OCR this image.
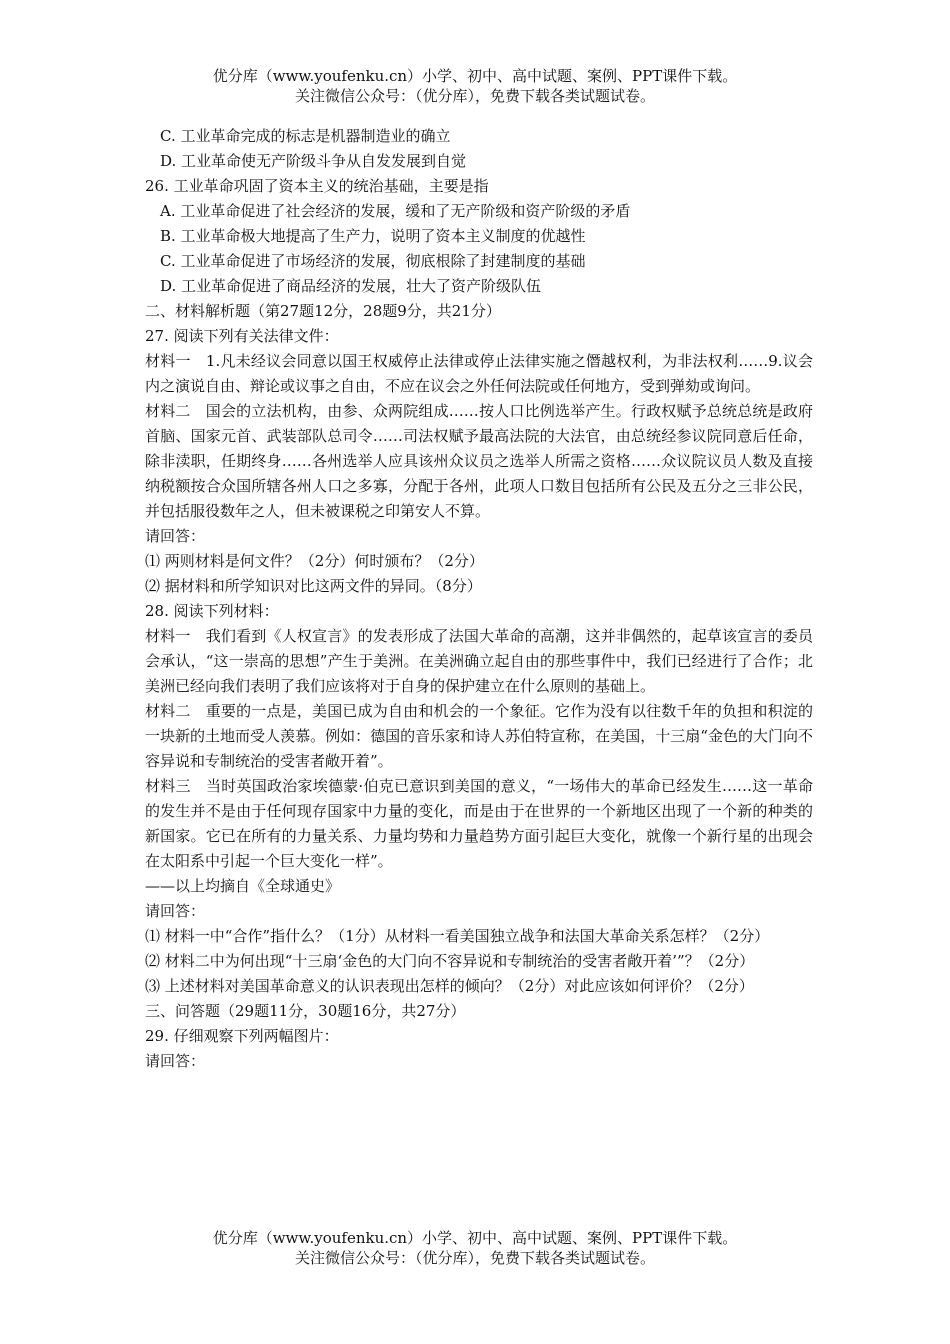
优分库（www.youfenku.cn）小学、初中、高中试题、案例、PPT课件下载。
关注微信公众号：（优分库），免费下载各类试题试卷。
C. 工业革命完成的标志是机器制造业的确立
D. 工业革命使无产阶级斗争从自发发展到自觉
26. 工业革命巩固了资本主义的统治基础，主要是指
A. 工业革命促进了社会经济的发展，缓和了无产阶级和资产阶级的矛盾
B. 工业革命极大地提高了生产力，说明了资本主义制度的优越性
C. 工业革命促进了市场经济的发展，彻底根除了封建制度的基础
D. 工业革命促进了商品经济的发展，壮大了资产阶级队伍
二、材料解析题（第27题12分，28题9分，共21分）
27. 阅读下列有关法律文件：
材料一　1.凡未经议会同意以国王权威停止法律或停止法律实施之僭越权利，为非法权利……9.议会内之演说自由、辩论或议事之自由，不应在议会之外任何法院或任何地方，受到弹劾或询问。
材料二　国会的立法机构，由参、众两院组成……按人口比例选举产生。行政权赋予总统总统是政府首脑、国家元首、武装部队总司令……司法权赋予最高法院的大法官，由总统经参议院同意后任命，除非渎职，任期终身……各州选举人应具该州众议员之选举人所需之资格……众议院议员人数及直接纳税额按合众国所辖各州人口之多寡，分配于各州，此项人口数目包括所有公民及五分之三非公民，并包括服役数年之人，但未被课税之印第安人不算。
请回答：
⑴ 两则材料是何文件？（2分）何时颁布？（2分）
⑵ 据材料和所学知识对比这两文件的异同。（8分）
28. 阅读下列材料：
材料一　我们看到《人权宣言》的发表形成了法国大革命的高潮，这并非偶然的，起草该宣言的委员会承认，“这一崇高的思想”产生于美洲。在美洲确立起自由的那些事件中，我们已经进行了合作；北美洲已经向我们表明了我们应该将对于自身的保护建立在什么原则的基础上。
材料二　重要的一点是，美国已成为自由和机会的一个象征。它作为没有以往数千年的负担和积淀的一块新的土地而受人羡慕。例如：德国的音乐家和诗人苏伯特宣称，在美国，十三扇“金色的大门向不容异说和专制统治的受害者敞开着”。
材料三　当时英国政治家埃德蒙·伯克已意识到美国的意义，“一场伟大的革命已经发生……这一革命的发生并不是由于任何现存国家中力量的变化，而是由于在世界的一个新地区出现了一个新的种类的新国家。它已在所有的力量关系、力量均势和力量趋势方面引起巨大变化，就像一个新行星的出现会在太阳系中引起一个巨大变化一样”。
——以上均摘自《全球通史》
请回答：
⑴ 材料一中“合作”指什么？（1分）从材料一看美国独立战争和法国大革命关系怎样？（2分）
⑵ 材料二中为何出现“十三扇‘金色的大门向不容异说和专制统治的受害者敞开着’”？（2分）
⑶ 上述材料对美国革命意义的认识表现出怎样的倾向？（2分）对此应该如何评价？（2分）
三、问答题（29题11分，30题16分，共27分）
29. 仔细观察下列两幅图片：
请回答：
优分库（www.youfenku.cn）小学、初中、高中试题、案例、PPT课件下载。
关注微信公众号：（优分库），免费下载各类试题试卷。
